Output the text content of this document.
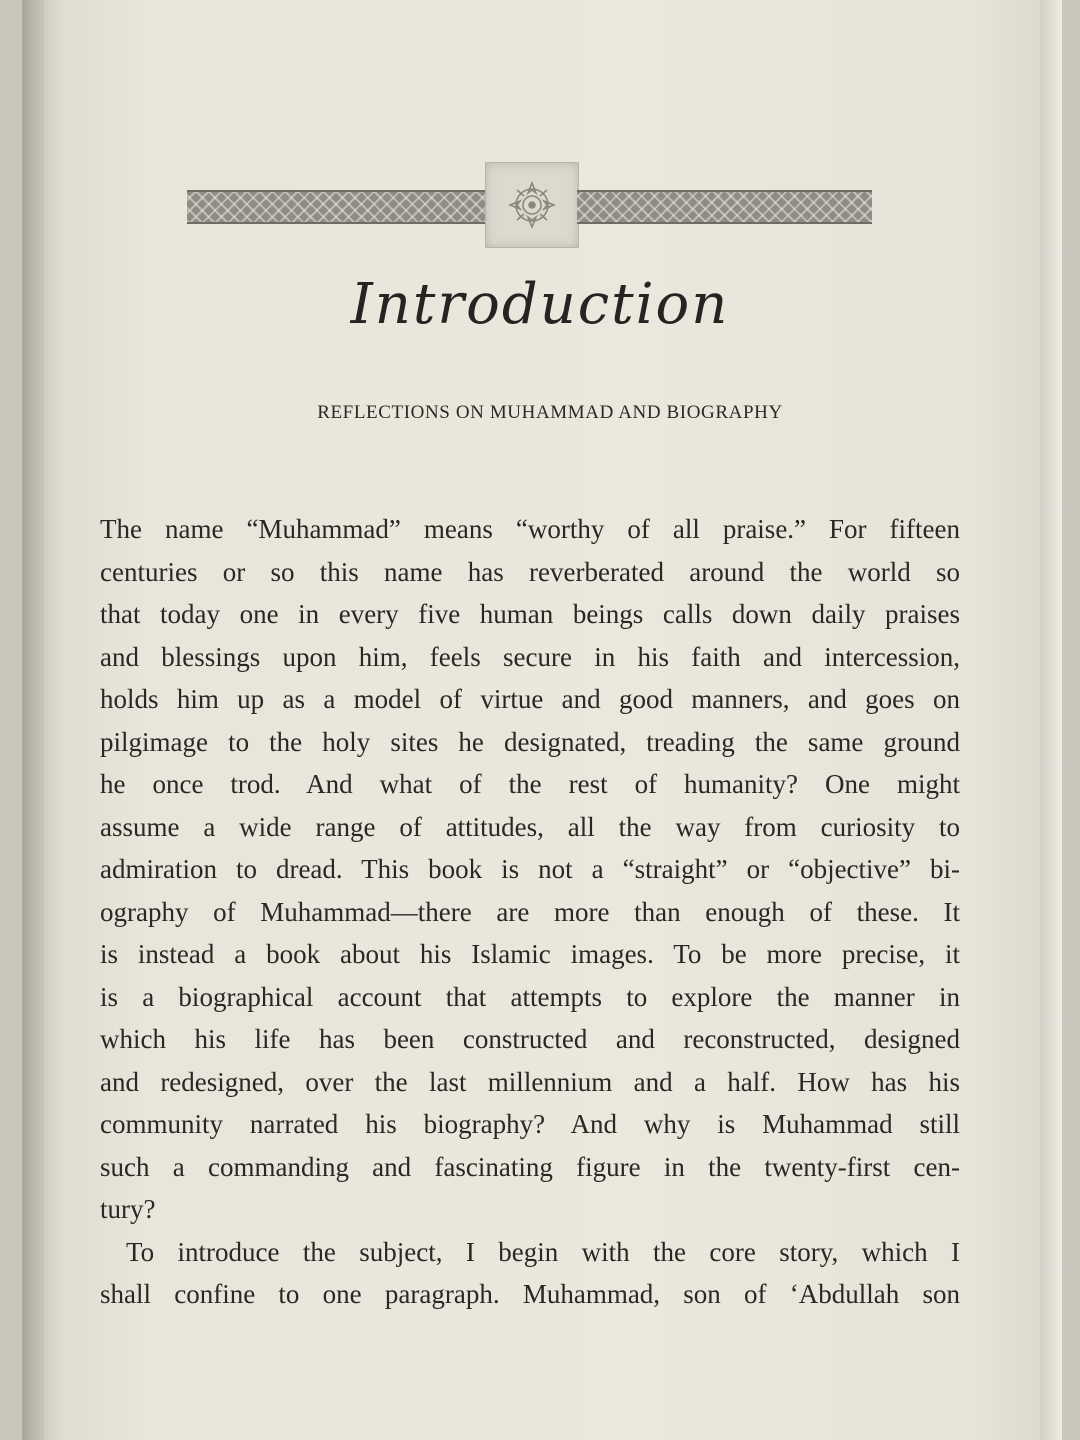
Introduction
REFLECTIONS ON MUHAMMAD AND BIOGRAPHY
The name “Muhammad” means “worthy of all praise.” For fifteen
centuries or so this name has reverberated around the world so
that today one in every five human beings calls down daily praises
and blessings upon him, feels secure in his faith and intercession,
holds him up as a model of virtue and good manners, and goes on
pilgimage to the holy sites he designated, treading the same ground
he once trod. And what of the rest of humanity? One might
assume a wide range of attitudes, all the way from curiosity to
admiration to dread. This book is not a “straight” or “objective” bi-
ography of Muhammad—there are more than enough of these. It
is instead a book about his Islamic images. To be more precise, it
is a biographical account that attempts to explore the manner in
which his life has been constructed and reconstructed, designed
and redesigned, over the last millennium and a half. How has his
community narrated his biography? And why is Muhammad still
such a commanding and fascinating figure in the twenty-first cen-
tury?
To introduce the subject, I begin with the core story, which I
shall confine to one paragraph. Muhammad, son of ‘Abdullah son
